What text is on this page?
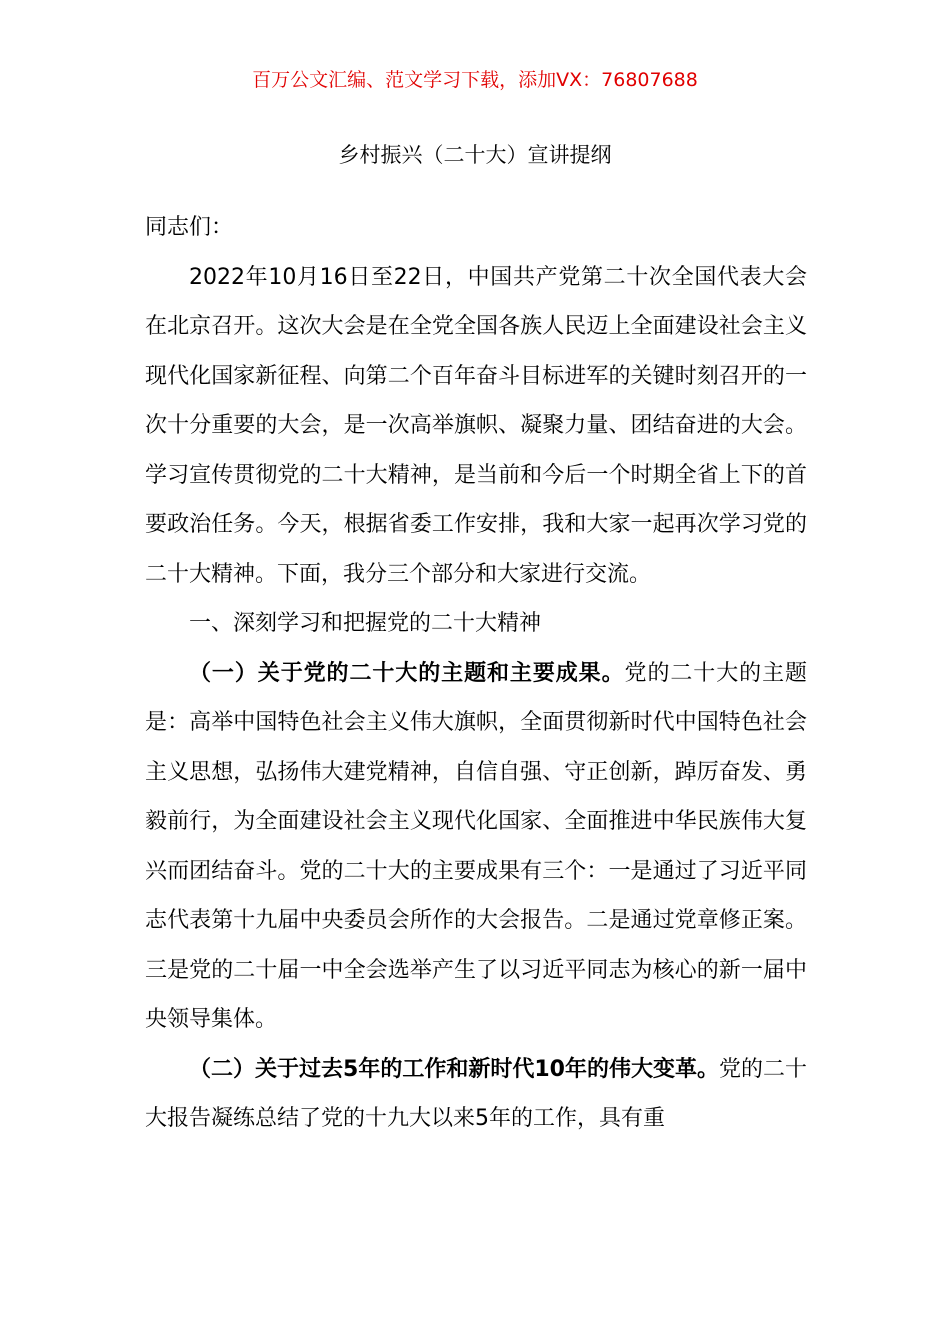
百万公文汇编、范文学习下载，添加VX：76807688
乡村振兴（二十大）宣讲提纲

同志们：

2022年10月16日至22日，中国共产党第二十次全国代表大会在北京召开。这次大会是在全党全国各族人民迈上全面建设社会主义现代化国家新征程、向第二个百年奋斗目标进军的关键时刻召开的一次十分重要的大会，是一次高举旗帜、凝聚力量、团结奋进的大会。学习宣传贯彻党的二十大精神，是当前和今后一个时期全省上下的首要政治任务。今天，根据省委工作安排，我和大家一起再次学习党的二十大精神。下面，我分三个部分和大家进行交流。

一、深刻学习和把握党的二十大精神

（一）关于党的二十大的主题和主要成果。党的二十大的主题是：高举中国特色社会主义伟大旗帜，全面贯彻新时代中国特色社会主义思想，弘扬伟大建党精神，自信自强、守正创新，踔厉奋发、勇毅前行，为全面建设社会主义现代化国家、全面推进中华民族伟大复兴而团结奋斗。党的二十大的主要成果有三个：一是通过了习近平同志代表第十九届中央委员会所作的大会报告。二是通过党章修正案。三是党的二十届一中全会选举产生了以习近平同志为核心的新一届中央领导集体。

（二）关于过去5年的工作和新时代10年的伟大变革。党的二十大报告凝练总结了党的十九大以来5年的工作，具有重
